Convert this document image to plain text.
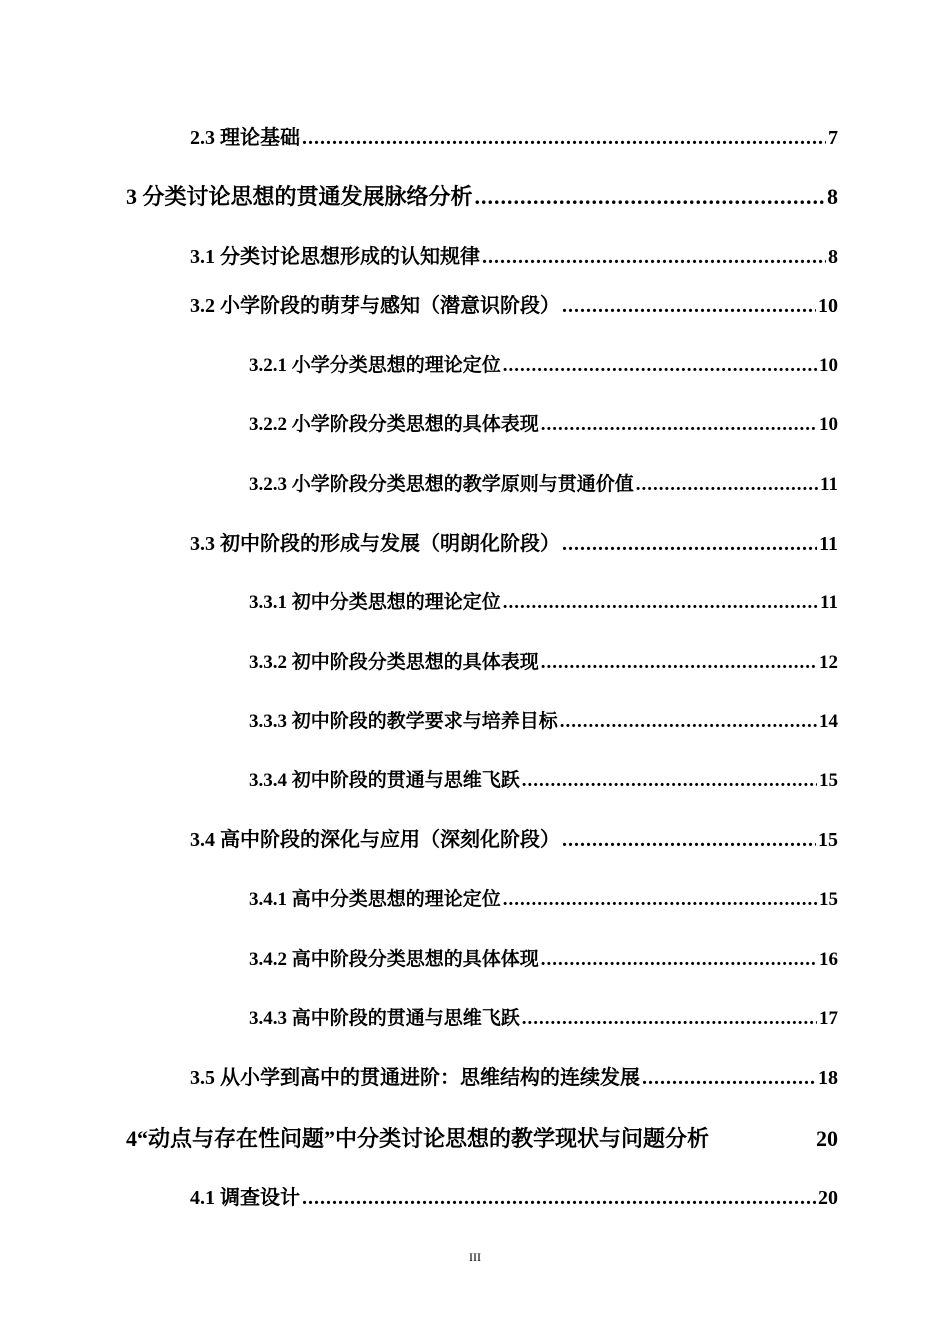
2.3 理论基础 .....	7
3 分类讨论思想的贯通发展脉络分析 .....	8
3.1 分类讨论思想形成的认知规律 .....	8
3.2 小学阶段的萌芽与感知（潜意识阶段） .....	10
3.2.1 小学分类思想的理论定位 .....	10
3.2.2 小学阶段分类思想的具体表现 .....	10
3.2.3 小学阶段分类思想的教学原则与贯通价值 .....	11
3.3 初中阶段的形成与发展（明朗化阶段） .....	11
3.3.1 初中分类思想的理论定位 .....	11
3.3.2 初中阶段分类思想的具体表现 .....	12
3.3.3 初中阶段的教学要求与培养目标 .....	14
3.3.4 初中阶段的贯通与思维飞跃 .....	15
3.4 高中阶段的深化与应用（深刻化阶段） .....	15
3.4.1 高中分类思想的理论定位 .....	15
3.4.2 高中阶段分类思想的具体体现 .....	16
3.4.3 高中阶段的贯通与思维飞跃 .....	17
3.5 从小学到高中的贯通进阶：思维结构的连续发展 .....	18
4“动点与存在性问题”中分类讨论思想的教学现状与问题分析	20
4.1 调查设计 .....	20
III
